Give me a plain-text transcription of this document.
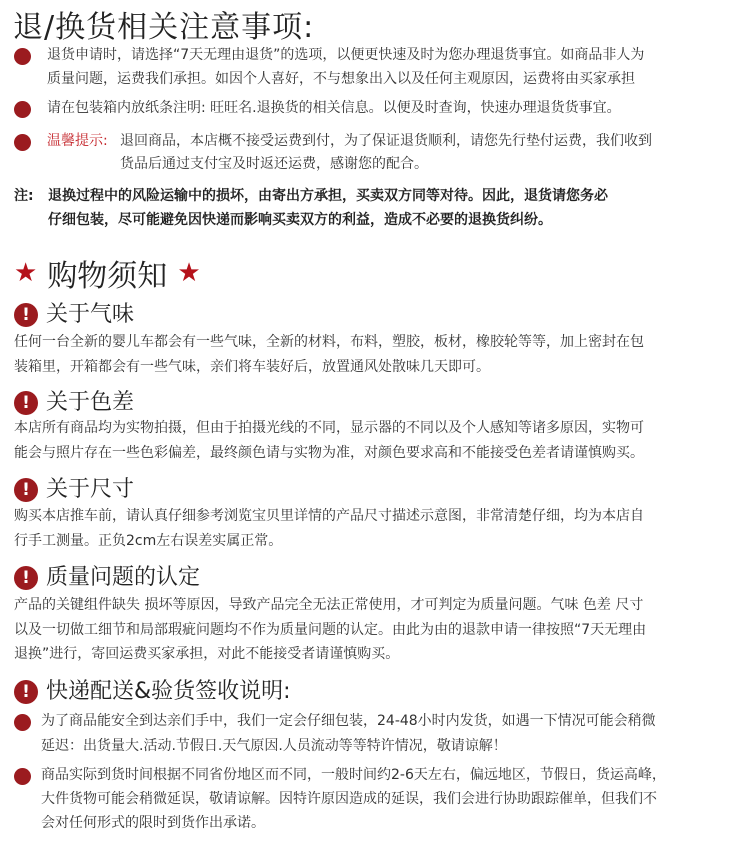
退/换货相关注意事项:
退货申请时，请选择“7天无理由退货”的选项，以便更快速及时为您办理退货事宜。如商品非人为
质量问题，运费我们承担。如因个人喜好，不与想象出入以及任何主观原因，运费将由买家承担
请在包装箱内放纸条注明: 旺旺名.退换货的相关信息。以便及时查询，快速办理退货货事宜。
温馨提示: 退回商品，本店概不接受运费到付，为了保证退货顺利，请您先行垫付运费，我们收到
货品后通过支付宝及时返还运费，感谢您的配合。
注: 退换过程中的风险运输中的损坏，由寄出方承担，买卖双方同等对待。因此，退货请您务必
仔细包装，尽可能避免因快递而影响买卖双方的利益，造成不必要的退换货纠纷。
★ 购物须知 ★
! 关于气味
任何一台全新的婴儿车都会有一些气味，全新的材料，布料，塑胶，板材，橡胶轮等等，加上密封在包
装箱里，开箱都会有一些气味，亲们将车装好后，放置通风处散味几天即可。
! 关于色差
本店所有商品均为实物拍摄，但由于拍摄光线的不同，显示器的不同以及个人感知等诸多原因，实物可
能会与照片存在一些色彩偏差，最终颜色请与实物为准，对颜色要求高和不能接受色差者请谨慎购买。
! 关于尺寸
购买本店推车前，请认真仔细参考浏览宝贝里详情的产品尺寸描述示意图，非常清楚仔细，均为本店自
行手工测量。正负2cm左右误差实属正常。
! 质量问题的认定
产品的关键组件缺失 损坏等原因，导致产品完全无法正常使用，才可判定为质量问题。气味 色差 尺寸
以及一切做工细节和局部瑕疵问题均不作为质量问题的认定。由此为由的退款申请一律按照“7天无理由
退换”进行，寄回运费买家承担，对此不能接受者请谨慎购买。
! 快递配送&验货签收说明:
为了商品能安全到达亲们手中，我们一定会仔细包装，24-48小时内发货，如遇一下情况可能会稍微
延迟：出货量大.活动.节假日.天气原因.人员流动等等特许情况，敬请谅解！
商品实际到货时间根据不同省份地区而不同，一般时间约2-6天左右，偏远地区，节假日，货运高峰，
大件货物可能会稍微延误，敬请谅解。因特许原因造成的延误，我们会进行协助跟踪催单，但我们不
会对任何形式的限时到货作出承诺。
